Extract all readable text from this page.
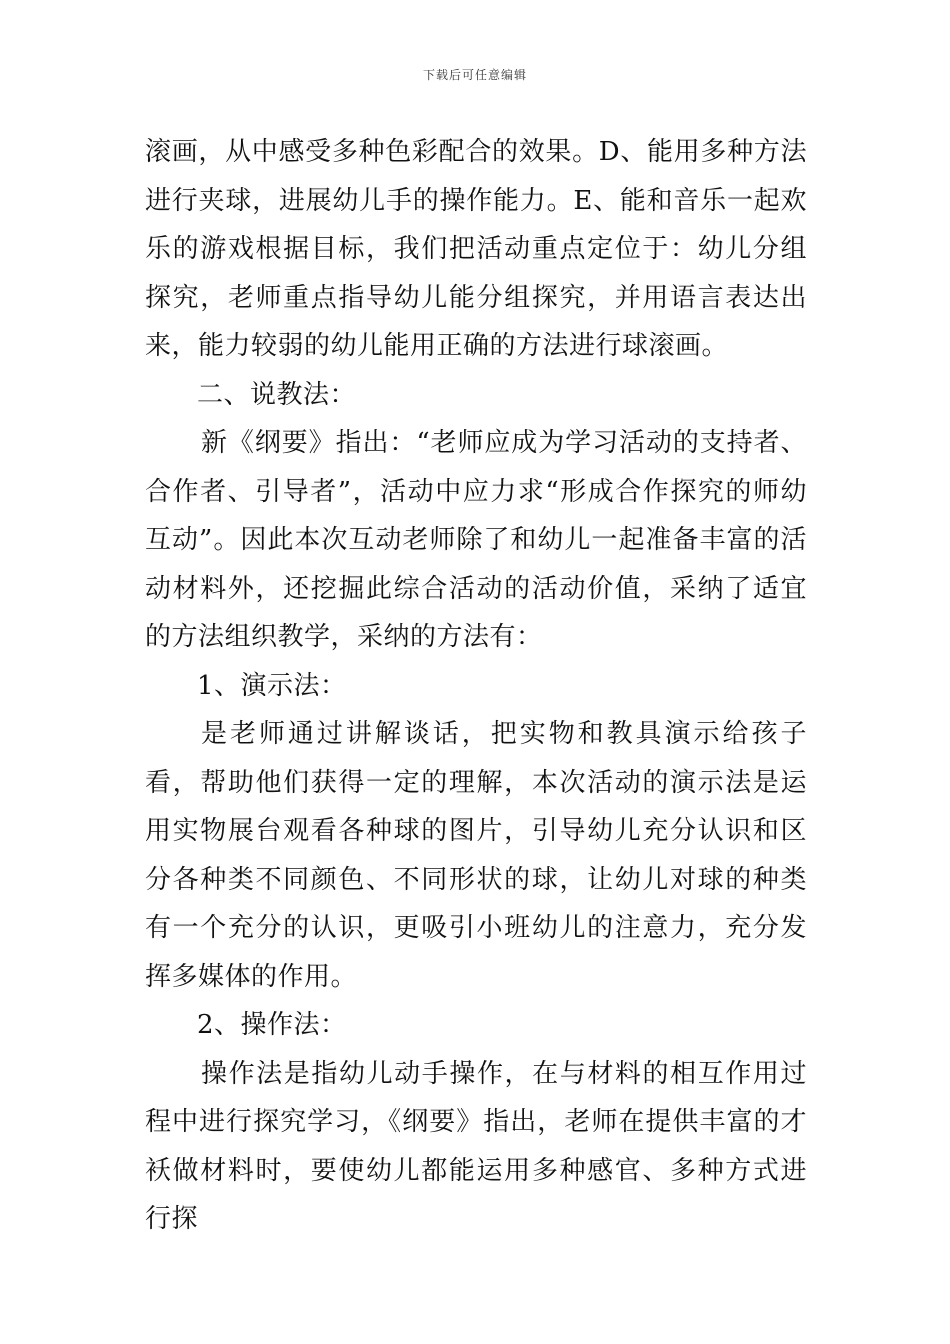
下载后可任意编辑

滚画，从中感受多种色彩配合的效果。D、能用多种方法进行夹球，进展幼儿手的操作能力。E、能和音乐一起欢乐的游戏根据目标，我们把活动重点定位于：幼儿分组探究，老师重点指导幼儿能分组探究，并用语言表达出来，能力较弱的幼儿能用正确的方法进行球滚画。

二、说教法：

新《纲要》指出：“老师应成为学习活动的支持者、合作者、引导者”，活动中应力求“形成合作探究的师幼互动”。因此本次互动老师除了和幼儿一起准备丰富的活动材料外，还挖掘此综合活动的活动价值，采纳了适宜的方法组织教学，采纳的方法有：

1、演示法：

是老师通过讲解谈话，把实物和教具演示给孩子看，帮助他们获得一定的理解，本次活动的演示法是运用实物展台观看各种球的图片，引导幼儿充分认识和区分各种类不同颜色、不同形状的球，让幼儿对球的种类有一个充分的认识，更吸引小班幼儿的注意力，充分发挥多媒体的作用。

2、操作法：

操作法是指幼儿动手操作，在与材料的相互作用过程中进行探究学习，《纲要》指出，老师在提供丰富的才袄做材料时，要使幼儿都能运用多种感官、多种方式进行探
